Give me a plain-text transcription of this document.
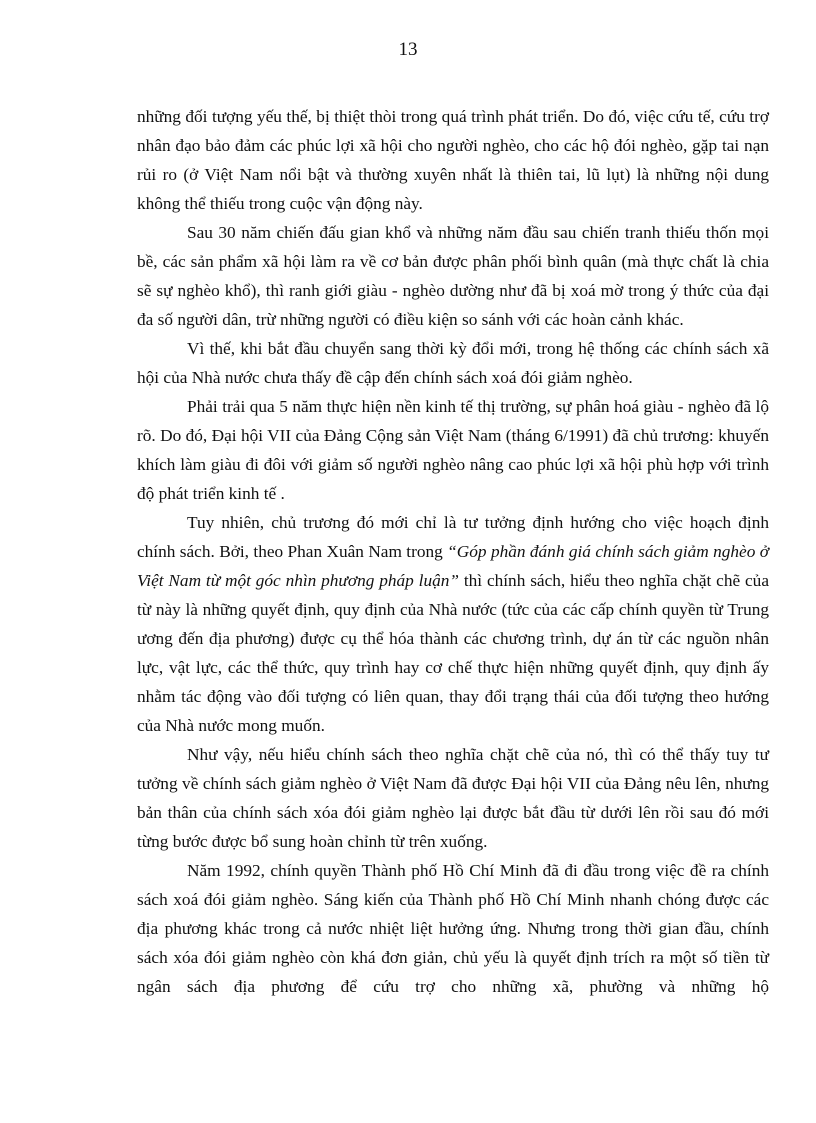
13

những đối tượng yếu thế, bị thiệt thòi trong quá trình phát triển. Do đó, việc cứu tế, cứu trợ nhân đạo bảo đảm các phúc lợi xã hội cho người nghèo, cho các hộ đói nghèo, gặp tai nạn rủi ro (ở Việt Nam nổi bật và thường xuyên nhất là thiên tai, lũ lụt) là những nội dung không thể thiếu trong cuộc vận động này.

Sau 30 năm chiến đấu gian khổ và những năm đầu sau chiến tranh thiếu thốn mọi bề, các sản phẩm xã hội làm ra về cơ bản được phân phối bình quân (mà thực chất là chia sẽ sự nghèo khổ), thì ranh giới giàu - nghèo dường như đã bị xoá mờ trong ý thức của đại đa số người dân, trừ những người có điều kiện so sánh với các hoàn cảnh khác.

Vì thế, khi bắt đầu chuyển sang thời kỳ đổi mới, trong hệ thống các chính sách xã hội của Nhà nước chưa thấy đề cập đến chính sách xoá đói giảm nghèo.

Phải trải qua 5 năm thực hiện nền kinh tế thị trường, sự phân hoá giàu - nghèo đã lộ rõ. Do đó, Đại hội VII của Đảng Cộng sản Việt Nam (tháng 6/1991) đã chủ trương: khuyến khích làm giàu đi đôi với giảm số người nghèo nâng cao phúc lợi xã hội phù hợp với trình độ phát triển kinh tế .

Tuy nhiên, chủ trương đó mới chỉ là tư tưởng định hướng cho việc hoạch định chính sách. Bởi, theo Phan Xuân Nam trong “Góp phần đánh giá chính sách giảm nghèo ở Việt Nam từ một góc nhìn phương pháp luận” thì chính sách, hiểu theo nghĩa chặt chẽ của từ này là những quyết định, quy định của Nhà nước (tức của các cấp chính quyền từ Trung ương đến địa phương) được cụ thể hóa thành các chương trình, dự án từ các nguồn nhân lực, vật lực, các thể thức, quy trình hay cơ chế thực hiện những quyết định, quy định ấy nhằm tác động vào đối tượng có liên quan, thay đổi trạng thái của đối tượng theo hướng của Nhà nước mong muốn.

Như vậy, nếu hiểu chính sách theo nghĩa chặt chẽ của nó, thì có thể thấy tuy tư tưởng về chính sách giảm nghèo ở Việt Nam đã được Đại hội VII của Đảng nêu lên, nhưng bản thân của chính sách xóa đói giảm nghèo lại được bắt đầu từ dưới lên rồi sau đó mới từng bước được bổ sung hoàn chỉnh từ trên xuống.

Năm 1992, chính quyền Thành phố Hồ Chí Minh đã đi đầu trong việc đề ra chính sách xoá đói giảm nghèo. Sáng kiến của Thành phố Hồ Chí Minh nhanh chóng được các địa phương khác trong cả nước nhiệt liệt hưởng ứng. Nhưng trong thời gian đầu, chính sách xóa đói giảm nghèo còn khá đơn giản, chủ yếu là quyết định trích ra một số tiền từ ngân sách địa phương để cứu trợ cho những xã, phường và những hộ
